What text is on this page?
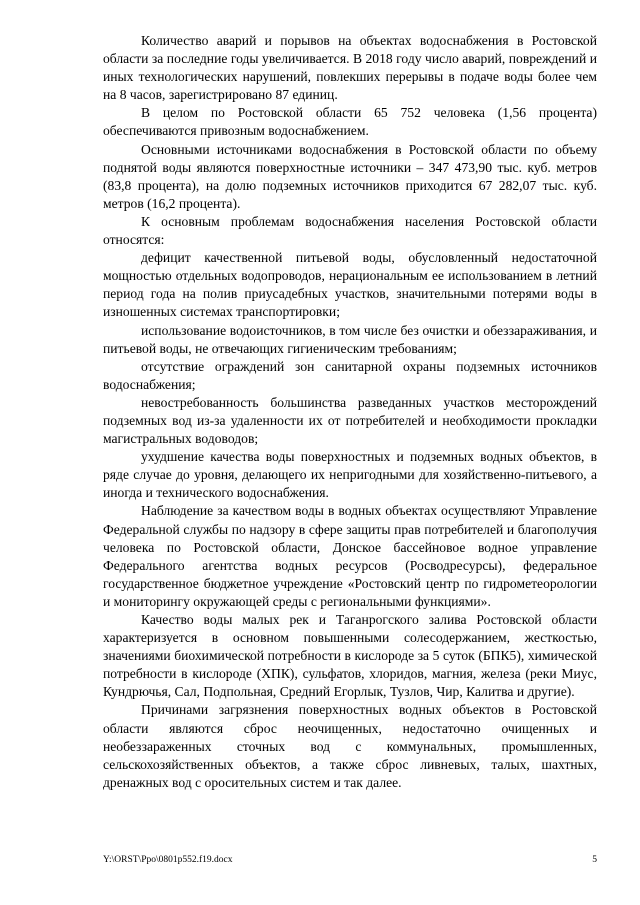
Количество аварий и порывов на объектах водоснабжения в Ростовской области за последние годы увеличивается. В 2018 году число аварий, повреждений и иных технологических нарушений, повлекших перерывы в подаче воды более чем на 8 часов, зарегистрировано 87 единиц.

В целом по Ростовской области 65 752 человека (1,56 процента) обеспечиваются привозным водоснабжением.

Основными источниками водоснабжения в Ростовской области по объему поднятой воды являются поверхностные источники – 347 473,90 тыс. куб. метров (83,8 процента), на долю подземных источников приходится 67 282,07 тыс. куб. метров (16,2 процента).

К основным проблемам водоснабжения населения Ростовской области относятся:

дефицит качественной питьевой воды, обусловленный недостаточной мощностью отдельных водопроводов, нерациональным ее использованием в летний период года на полив приусадебных участков, значительными потерями воды в изношенных системах транспортировки;

использование водоисточников, в том числе без очистки и обеззараживания, и питьевой воды, не отвечающих гигиеническим требованиям;

отсутствие ограждений зон санитарной охраны подземных источников водоснабжения;

невостребованность большинства разведанных участков месторождений подземных вод из-за удаленности их от потребителей и необходимости прокладки магистральных водоводов;

ухудшение качества воды поверхностных и подземных водных объектов, в ряде случае до уровня, делающего их непригодными для хозяйственно-питьевого, а иногда и технического водоснабжения.

Наблюдение за качеством воды в водных объектах осуществляют Управление Федеральной службы по надзору в сфере защиты прав потребителей и благополучия человека по Ростовской области, Донское бассейновое водное управление Федерального агентства водных ресурсов (Росводресурсы), федеральное государственное бюджетное учреждение «Ростовский центр по гидрометеорологии и мониторингу окружающей среды с региональными функциями».

Качество воды малых рек и Таганрогского залива Ростовской области характеризуется в основном повышенными солесодержанием, жесткостью, значениями биохимической потребности в кислороде за 5 суток (БПК5), химической потребности в кислороде (ХПК), сульфатов, хлоридов, магния, железа (реки Миус, Кундрючья, Сал, Подпольная, Средний Егорлык, Тузлов, Чир, Калитва и другие).

Причинами загрязнения поверхностных водных объектов в Ростовской области являются сброс неочищенных, недостаточно очищенных и необеззараженных сточных вод с коммунальных, промышленных, сельскохозяйственных объектов, а также сброс ливневых, талых, шахтных, дренажных вод с оросительных систем и так далее.

Y:\ORST\Ppo\0801p552.f19.docx	5
